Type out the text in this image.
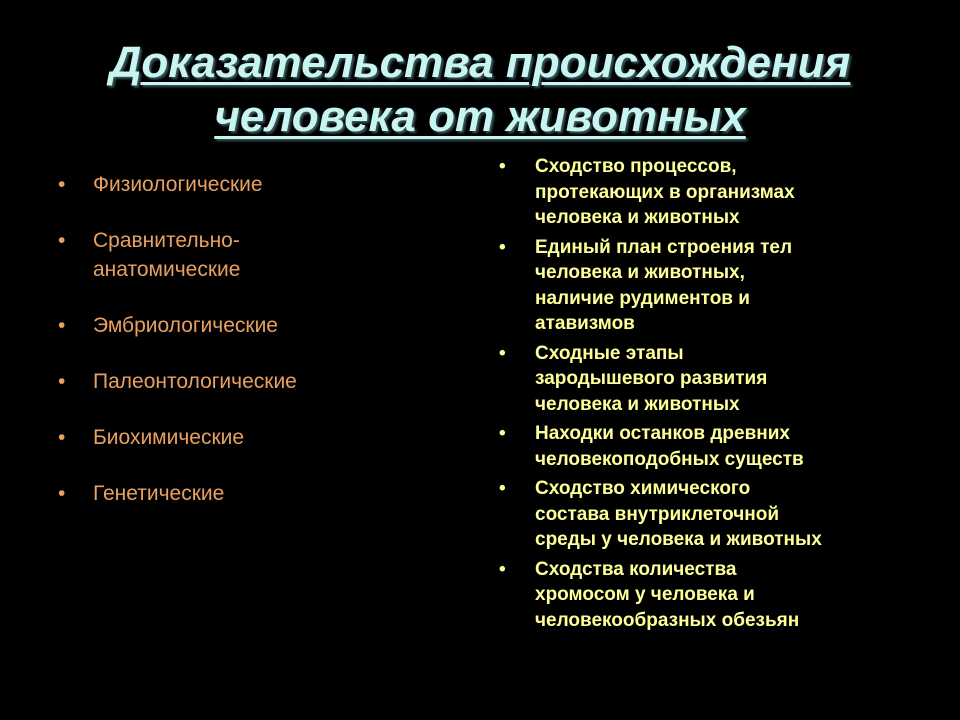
Доказательства происхождения
человека от животных
• Физиологические
• Сравнительно-
анатомические
• Эмбриологические
• Палеонтологические
• Биохимические
• Генетические
• Сходство процессов,
протекающих в организмах
человека и животных
• Единый план строения тел
человека и животных,
наличие рудиментов и
атавизмов
• Сходные этапы
зародышевого развития
человека и животных
• Находки останков древних
человекоподобных существ
• Сходство химического
состава внутриклеточной
среды у человека и животных
• Сходства количества
хромосом у человека и
человекообразных обезьян
